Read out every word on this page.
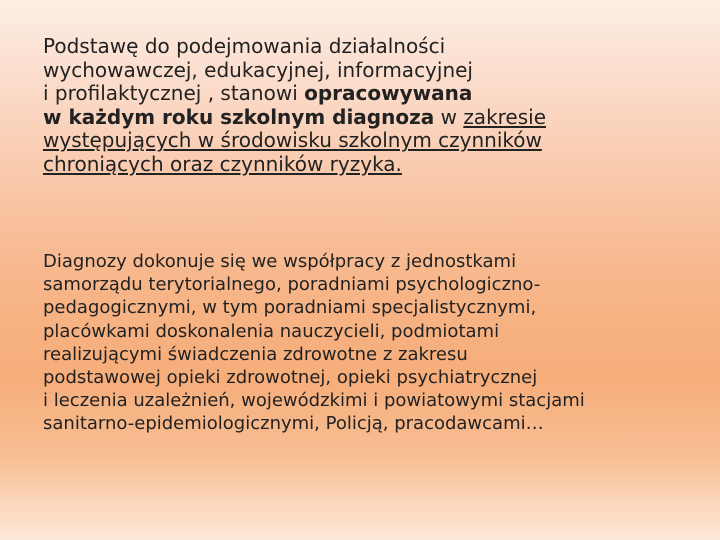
Podstawę do podejmowania działalności
wychowawczej, edukacyjnej, informacyjnej
i profilaktycznej , stanowi opracowywana
w każdym roku szkolnym diagnoza w zakresie
występujących w środowisku szkolnym czynników
chroniących oraz czynników ryzyka.

Diagnozy dokonuje się we współpracy z jednostkami
samorządu terytorialnego, poradniami psychologiczno-
pedagogicznymi, w tym poradniami specjalistycznymi,
placówkami doskonalenia nauczycieli, podmiotami
realizującymi świadczenia zdrowotne z zakresu
podstawowej opieki zdrowotnej, opieki psychiatrycznej
i leczenia uzależnień, wojewódzkimi i powiatowymi stacjami
sanitarno-epidemiologicznymi, Policją, pracodawcami…
